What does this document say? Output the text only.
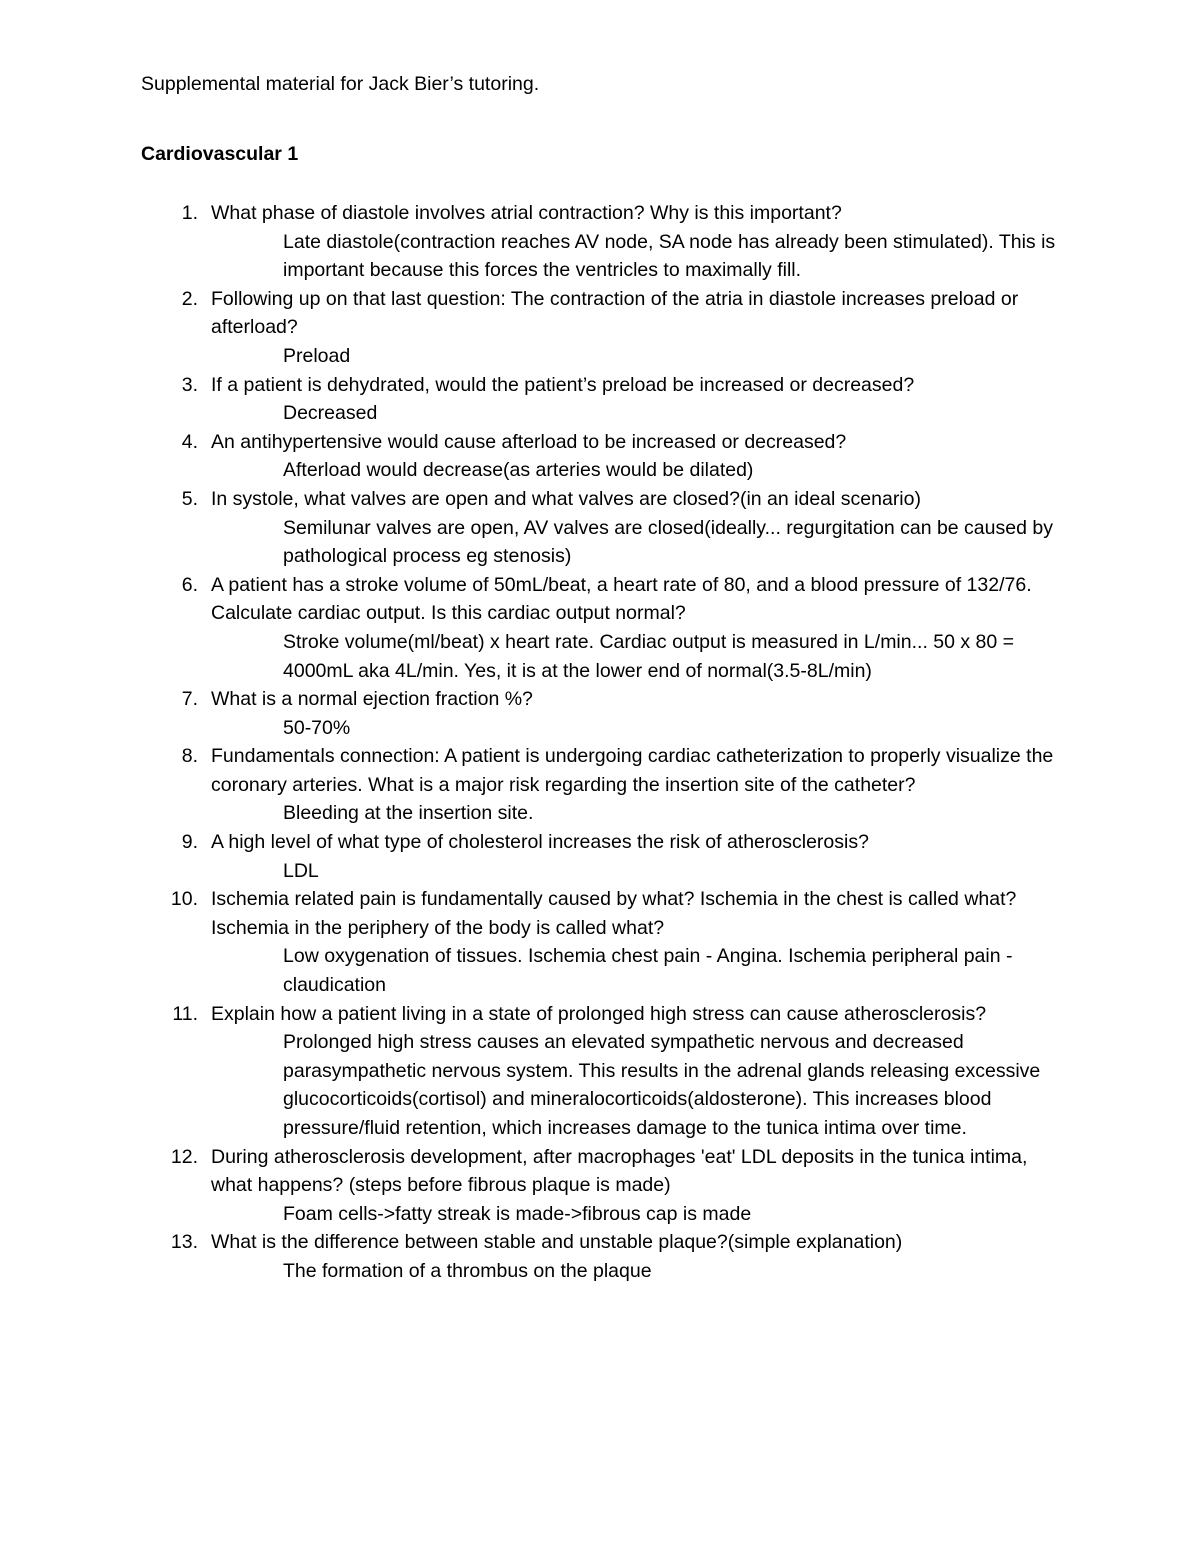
Supplemental material for Jack Bier’s tutoring.
Cardiovascular 1
1. What phase of diastole involves atrial contraction? Why is this important?
Late diastole(contraction reaches AV node, SA node has already been stimulated). This is important because this forces the ventricles to maximally fill.
2. Following up on that last question: The contraction of the atria in diastole increases preload or afterload?
Preload
3. If a patient is dehydrated, would the patient’s preload be increased or decreased?
Decreased
4. An antihypertensive would cause afterload to be increased or decreased?
Afterload would decrease(as arteries would be dilated)
5. In systole, what valves are open and what valves are closed?(in an ideal scenario)
Semilunar valves are open, AV valves are closed(ideally... regurgitation can be caused by pathological process eg stenosis)
6. A patient has a stroke volume of 50mL/beat, a heart rate of 80, and a blood pressure of 132/76. Calculate cardiac output. Is this cardiac output normal?
Stroke volume(ml/beat) x heart rate. Cardiac output is measured in L/min... 50 x 80 = 4000mL aka 4L/min. Yes, it is at the lower end of normal(3.5-8L/min)
7. What is a normal ejection fraction %?
50-70%
8. Fundamentals connection: A patient is undergoing cardiac catheterization to properly visualize the coronary arteries. What is a major risk regarding the insertion site of the catheter?
Bleeding at the insertion site.
9. A high level of what type of cholesterol increases the risk of atherosclerosis?
LDL
10. Ischemia related pain is fundamentally caused by what? Ischemia in the chest is called what? Ischemia in the periphery of the body is called what?
Low oxygenation of tissues. Ischemia chest pain - Angina. Ischemia peripheral pain - claudication
11. Explain how a patient living in a state of prolonged high stress can cause atherosclerosis?
Prolonged high stress causes an elevated sympathetic nervous and decreased parasympathetic nervous system. This results in the adrenal glands releasing excessive glucocorticoids(cortisol) and mineralocorticoids(aldosterone). This increases blood pressure/fluid retention, which increases damage to the tunica intima over time.
12. During atherosclerosis development, after macrophages 'eat' LDL deposits in the tunica intima, what happens? (steps before fibrous plaque is made)
Foam cells->fatty streak is made->fibrous cap is made
13. What is the difference between stable and unstable plaque?(simple explanation)
The formation of a thrombus on the plaque
